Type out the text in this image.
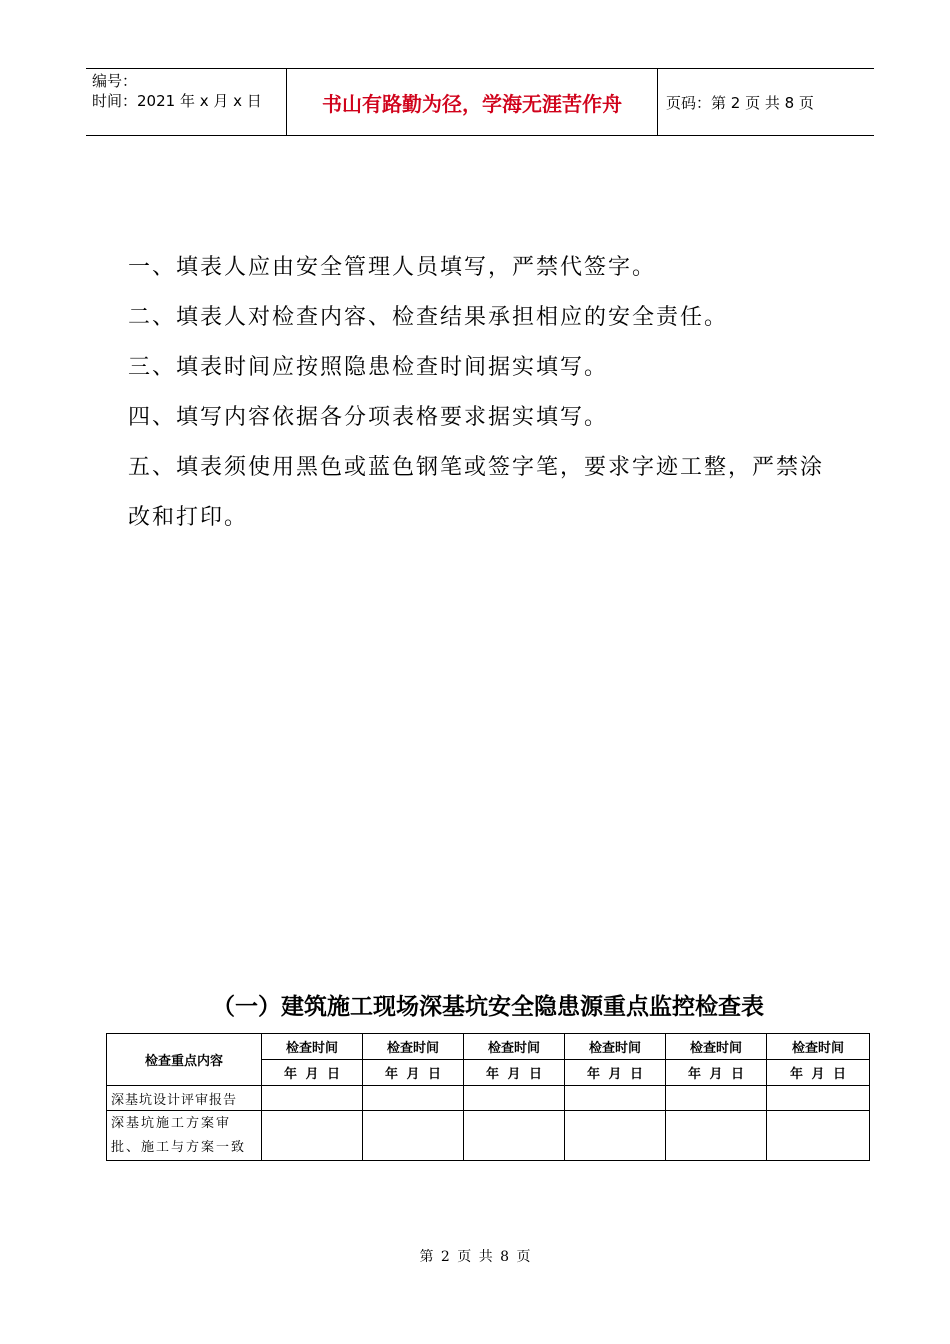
编号：
时间：2021 年 x 月 x 日	书山有路勤为径，学海无涯苦作舟	页码：第 2 页 共 8 页

一、填表人应由安全管理人员填写，严禁代签字。

二、填表人对检查内容、检查结果承担相应的安全责任。

三、填表时间应按照隐患检查时间据实填写。

四、填写内容依据各分项表格要求据实填写。

五、填表须使用黑色或蓝色钢笔或签字笔，要求字迹工整，严禁涂改和打印。

（一）建筑施工现场深基坑安全隐患源重点监控检查表
检查重点内容	检查时间	检查时间	检查时间	检查时间	检查时间	检查时间
	年 月 日	年 月 日	年 月 日	年 月 日	年 月 日	年 月 日
深基坑设计评审报告						
深基坑施工方案审批、施工与方案一致						
第 2 页 共 8 页
